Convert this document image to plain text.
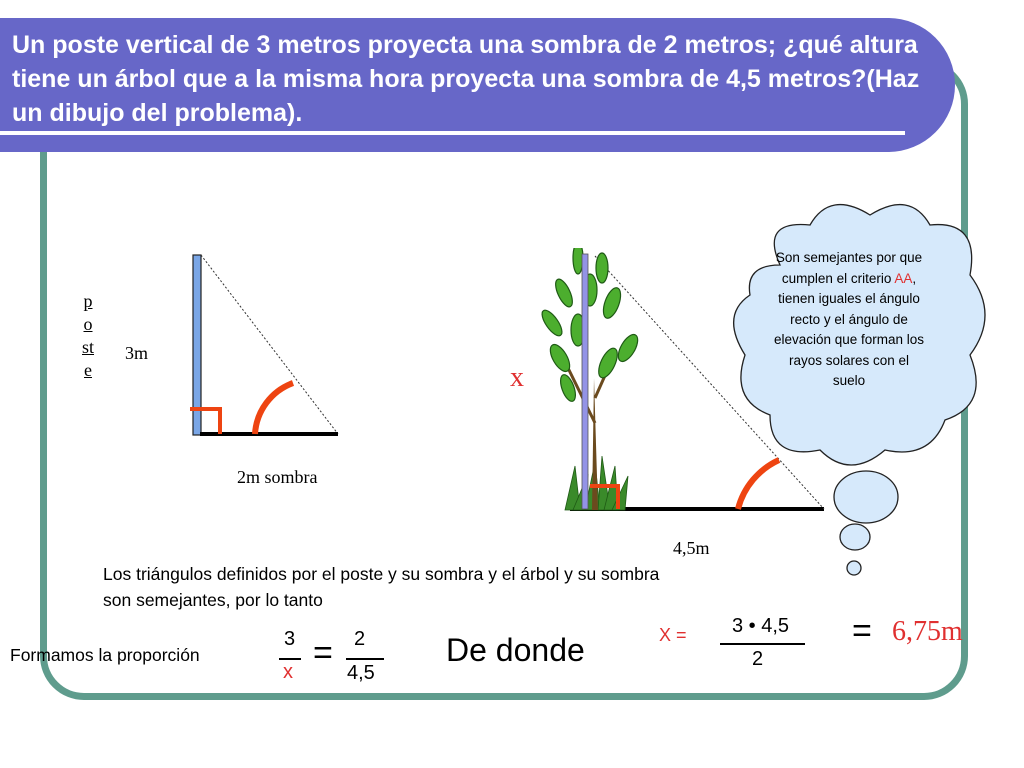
Un poste vertical de 3 metros proyecta una sombra de 2 metros; ¿qué altura tiene un árbol que a la misma hora proyecta una sombra de 4,5 metros?(Haz un dibujo del problema).

poste

3m

2m sombra

x

4,5m

Son semejantes por que cumplen el criterio AA, tienen iguales el ángulo recto y el ángulo de elevación que forman los rayos solares con el suelo

Los triángulos definidos por el poste y su sombra y el árbol y su sombra

son semejantes, por lo tanto

Formamos la proporción

3

x = 2

4,5

De donde	X = 3 • 4,5

2

= 6,75m
